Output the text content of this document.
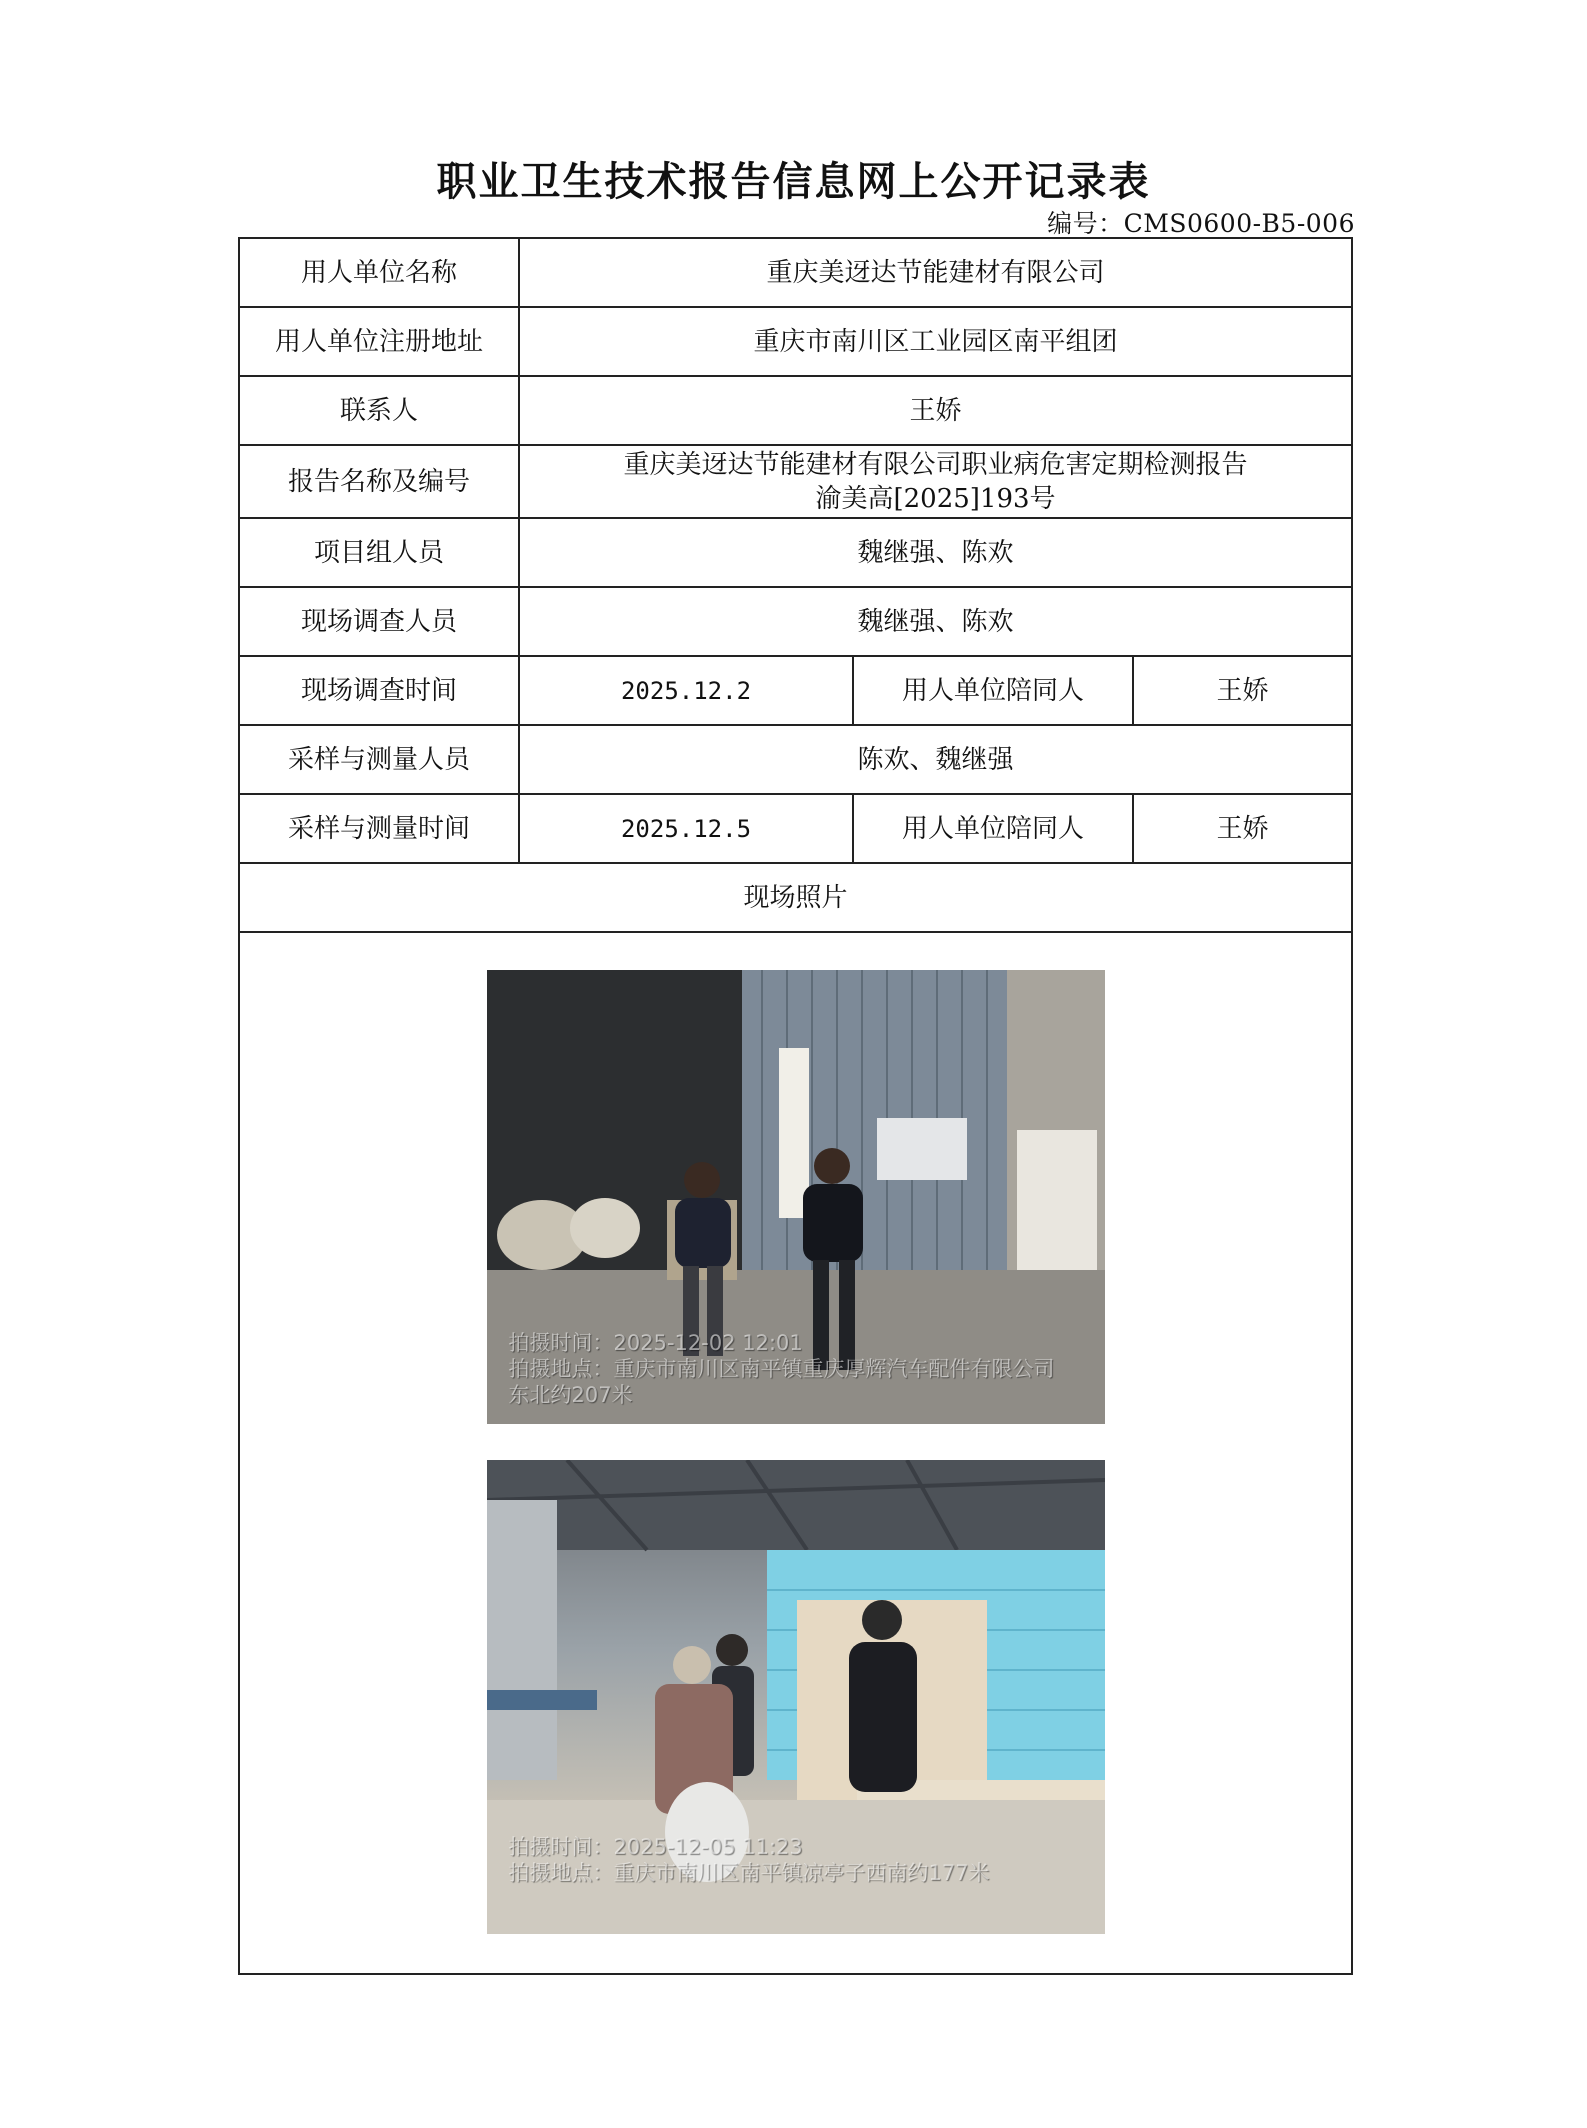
职业卫生技术报告信息网上公开记录表
编号：CMS0600-B5-006
用人单位名称	重庆美迓达节能建材有限公司		
用人单位注册地址	重庆市南川区工业园区南平组团		
联系人	王娇		
报告名称及编号	重庆美迓达节能建材有限公司职业病危害定期检测报告
渝美高[2025]193号		

项目组人员	魏继强、陈欢		
现场调查人员	魏继强、陈欢		
现场调查时间	2025.12.2	用人单位陪同人	王娇
采样与测量人员	陈欢、魏继强		
采样与测量时间	2025.12.5	用人单位陪同人	王娇
现场照片			

拍摄时间：2025-12-02 12:01
拍摄地点：重庆市南川区南平镇重庆厚辉汽车配件有限公司
东北约207米
拍摄时间：2025-12-05 11:23
拍摄地点：重庆市南川区南平镇凉亭子西南约177米			
